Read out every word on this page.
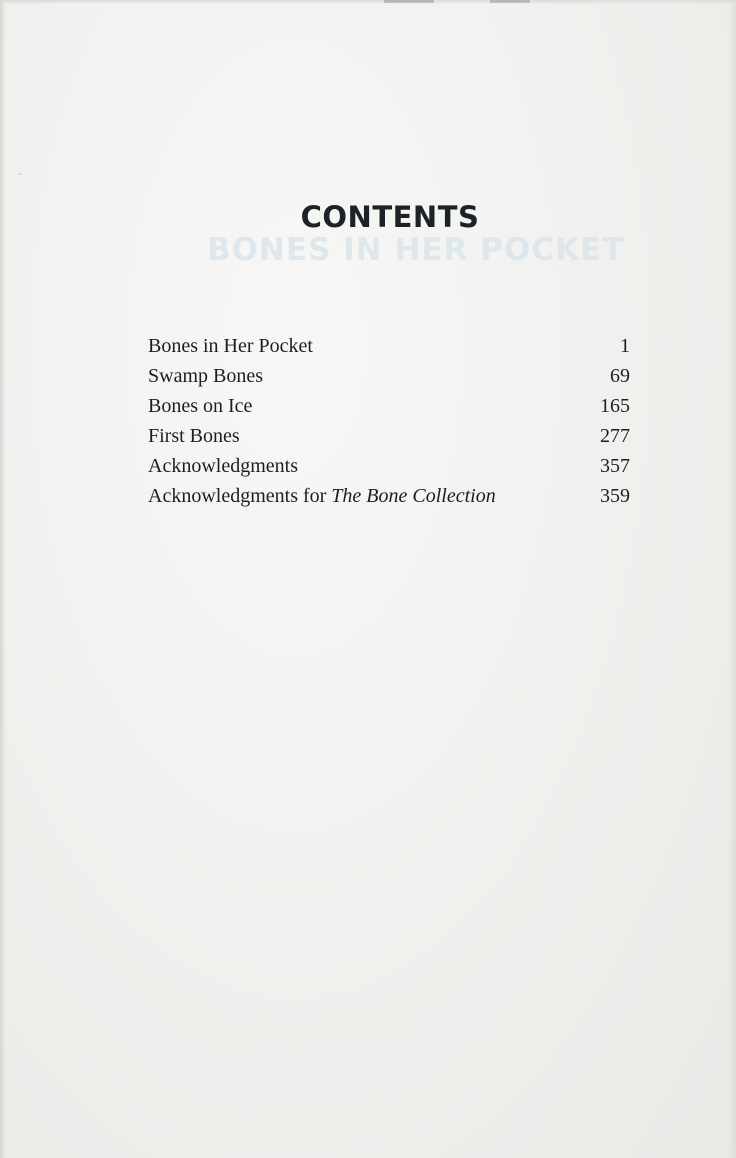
ᵔ
CONTENTS
BONES IN HER POCKET
Bones in Her Pocket	1
Swamp Bones	69
Bones on Ice	165
First Bones	277
Acknowledgments	357
Acknowledgments for The Bone Collection	359
